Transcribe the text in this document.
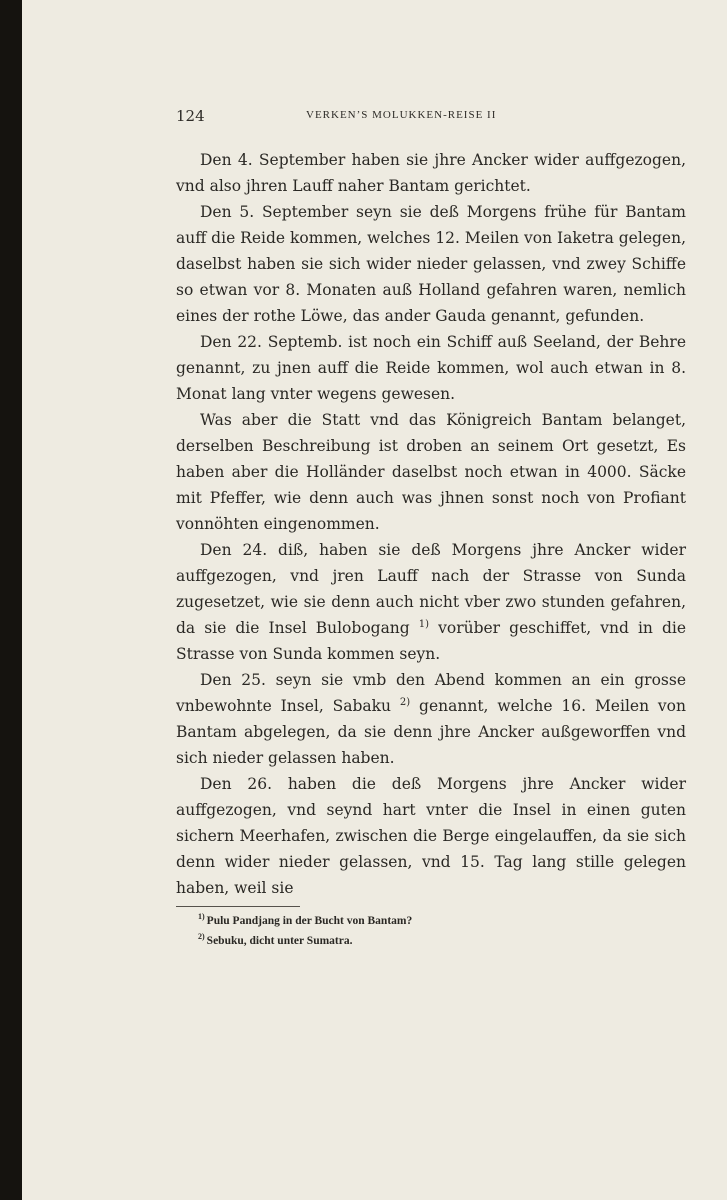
124	VERKEN’S MOLUKKEN-REISE II

Den 4. September haben sie jhre Ancker wider auffgezogen, vnd also jhren Lauff naher Bantam gerichtet.

Den 5. September seyn sie deß Morgens frühe für Bantam auff die Reide kommen, welches 12. Meilen von Iaketra gelegen, daselbst haben sie sich wider nieder gelassen, vnd zwey Schiffe so etwan vor 8. Monaten auß Holland gefahren waren, nemlich eines der rothe Löwe, das ander Gauda genannt, gefunden.

Den 22. Septemb. ist noch ein Schiff auß Seeland, der Behre genannt, zu jnen auff die Reide kommen, wol auch etwan in 8. Monat lang vnter wegens gewesen.

Was aber die Statt vnd das Königreich Bantam belanget, derselben Beschreibung ist droben an seinem Ort gesetzt, Es haben aber die Holländer daselbst noch etwan in 4000. Säcke mit Pfeffer, wie denn auch was jhnen sonst noch von Profiant vonnöhten eingenommen.

Den 24. diß, haben sie deß Morgens jhre Ancker wider auffgezogen, vnd jren Lauff nach der Strasse von Sunda zugesetzet, wie sie denn auch nicht vber zwo stunden gefahren, da sie die Insel Bulobogang $^{1)}$ vorüber geschiffet, vnd in die Strasse von Sunda kommen seyn.

Den 25. seyn sie vmb den Abend kommen an ein grosse vnbewohnte Insel, Sabaku $^{2)}$ genannt, welche 16. Meilen von Bantam abgelegen, da sie denn jhre Ancker außgeworffen vnd sich nieder gelassen haben.

Den 26. haben die deß Morgens jhre Ancker wider auffgezogen, vnd seynd hart vnter die Insel in einen guten sichern Meerhafen, zwischen die Berge eingelauffen, da sie sich denn wider nieder gelassen, vnd 15. Tag lang stille gelegen haben, weil sie

$^{1)}$ Pulu Pandjang in der Bucht von Bantam?

$^{2)}$ Sebuku, dicht unter Sumatra.
